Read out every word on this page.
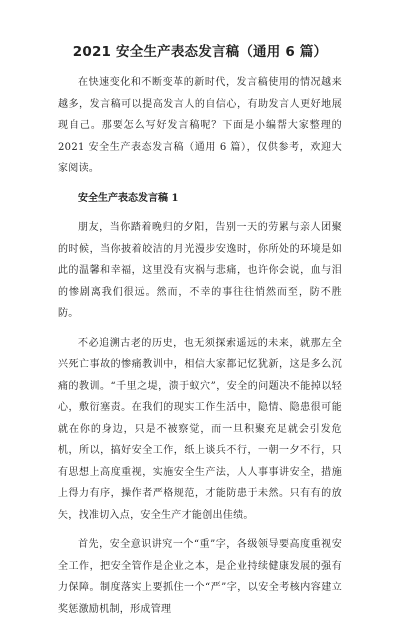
2021 安全生产表态发言稿（通用 6 篇）

在快速变化和不断变革的新时代，发言稿使用的情况越来越多，发言稿可以提高发言人的自信心，有助发言人更好地展现自己。那要怎么写好发言稿呢？下面是小编帮大家整理的 2021 安全生产表态发言稿（通用 6 篇），仅供参考，欢迎大家阅读。

安全生产表态发言稿 1

朋友，当你踏着晚归的夕阳，告别一天的劳累与亲人团聚的时候，当你披着皎洁的月光漫步安逸时，你所处的环境是如此的温馨和幸福，这里没有灾祸与悲痛，也许你会说，血与泪的惨剧离我们很远。然而，不幸的事往往悄然而至，防不胜防。

不必追溯古老的历史，也无须探索遥远的未来，就那左全兴死亡事故的惨痛教训中，相信大家都记忆犹新，这是多么沉痛的教训。“千里之堤，溃于蚁穴”，安全的问题决不能掉以轻心，敷衍塞责。在我们的现实工作生活中，隐情、隐患很可能就在你的身边，只是不被察觉，而一旦积聚充足就会引发危机，所以，搞好安全工作，纸上谈兵不行，一朝一夕不行，只有思想上高度重视，实施安全生产法，人人事事讲安全，措施上得力有序，操作者严格规范，才能防患于未然。只有有的放矢，找准切入点，安全生产才能创出佳绩。

首先，安全意识讲究一个“重”字，各级领导要高度重视安全工作，把安全管作是企业之本，是企业持续健康发展的强有力保障。制度落实上要抓住一个“严”字，以安全考核内容建立奖惩激励机制，形成管理
